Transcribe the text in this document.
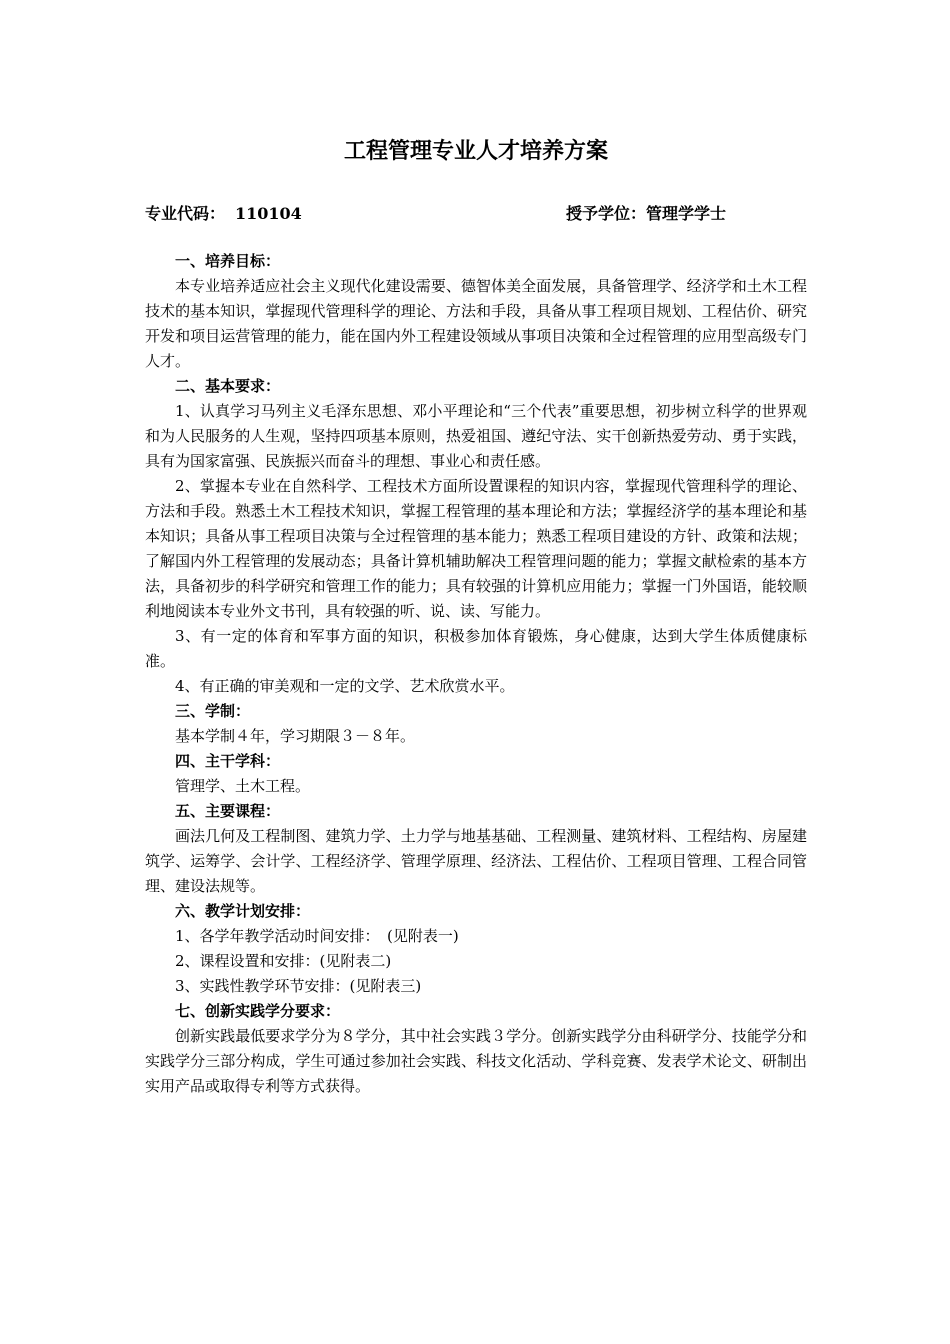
工程管理专业人才培养方案
专业代码： 110104	授予学位：管理学学士

一、培养目标：

本专业培养适应社会主义现代化建设需要、德智体美全面发展，具备管理学、经济学和土木工程技术的基本知识，掌握现代管理科学的理论、方法和手段，具备从事工程项目规划、工程估价、研究开发和项目运营管理的能力，能在国内外工程建设领域从事项目决策和全过程管理的应用型高级专门人才。

二、基本要求：

1、认真学习马列主义毛泽东思想、邓小平理论和“三个代表”重要思想，初步树立科学的世界观和为人民服务的人生观，坚持四项基本原则，热爱祖国、遵纪守法、实干创新热爱劳动、勇于实践，具有为国家富强、民族振兴而奋斗的理想、事业心和责任感。

2、掌握本专业在自然科学、工程技术方面所设置课程的知识内容，掌握现代管理科学的理论、方法和手段。熟悉土木工程技术知识，掌握工程管理的基本理论和方法；掌握经济学的基本理论和基本知识；具备从事工程项目决策与全过程管理的基本能力；熟悉工程项目建设的方针、政策和法规；了解国内外工程管理的发展动态；具备计算机辅助解决工程管理问题的能力；掌握文献检索的基本方法，具备初步的科学研究和管理工作的能力；具有较强的计算机应用能力；掌握一门外国语，能较顺利地阅读本专业外文书刊，具有较强的听、说、读、写能力。

3、有一定的体育和军事方面的知识，积极参加体育锻炼，身心健康，达到大学生体质健康标准。

4、有正确的审美观和一定的文学、艺术欣赏水平。

三、学制：

基本学制４年，学习期限３－８年。

四、主干学科：

管理学、土木工程。

五、主要课程：

画法几何及工程制图、建筑力学、土力学与地基基础、工程测量、建筑材料、工程结构、房屋建筑学、运筹学、会计学、工程经济学、管理学原理、经济法、工程估价、工程项目管理、工程合同管理、建设法规等。

六、教学计划安排：

1、各学年教学活动时间安排：　(见附表一)

2、课程设置和安排：(见附表二)

3、实践性教学环节安排：(见附表三)

七、创新实践学分要求：

创新实践最低要求学分为８学分，其中社会实践３学分。创新实践学分由科研学分、技能学分和实践学分三部分构成，学生可通过参加社会实践、科技文化活动、学科竞赛、发表学术论文、研制出实用产品或取得专利等方式获得。
